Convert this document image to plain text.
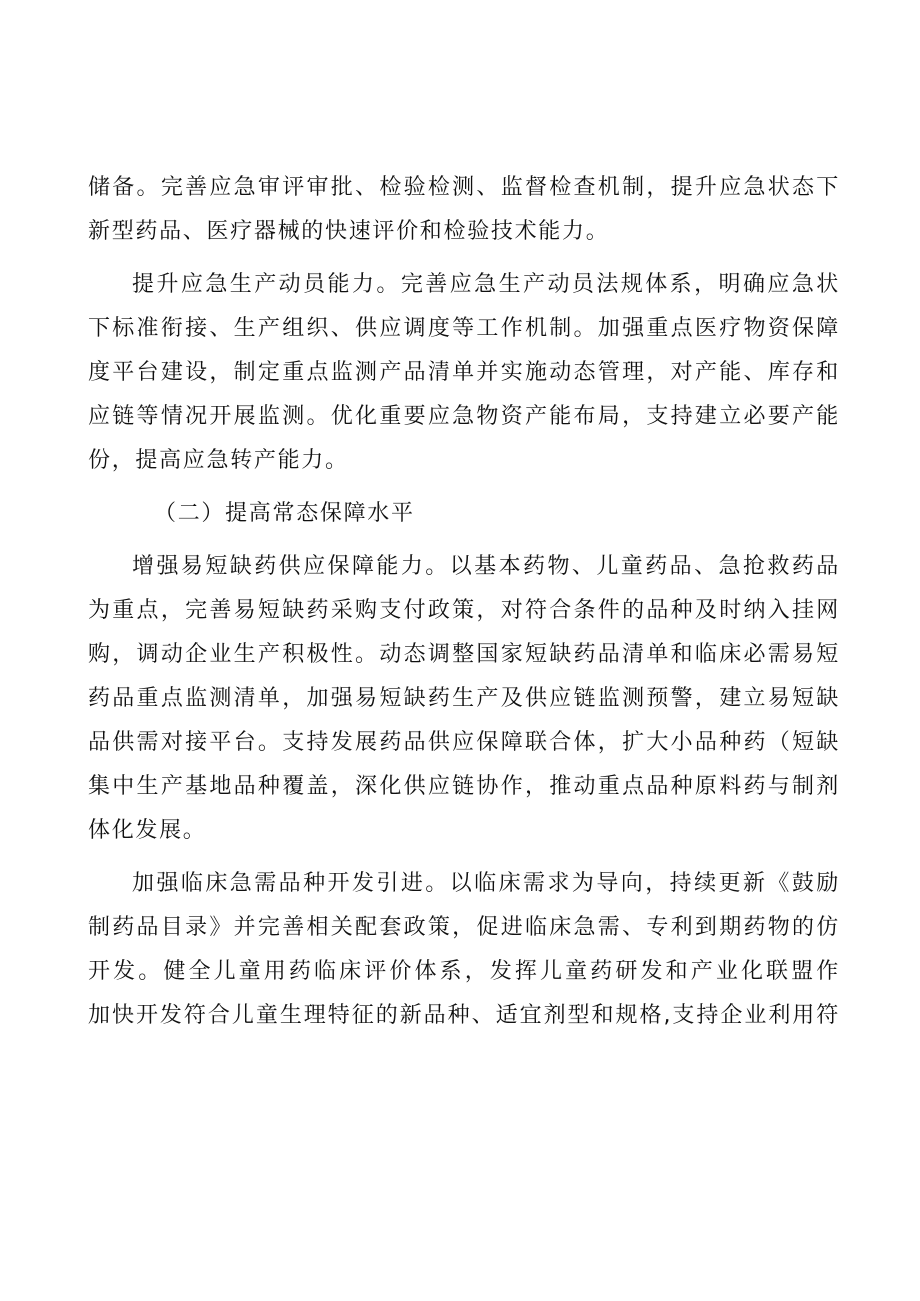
储备。完善应急审评审批、检验检测、监督检查机制，提升应急状态下
新型药品、医疗器械的快速评价和检验技术能力。
提升应急生产动员能力。完善应急生产动员法规体系，明确应急状
下标准衔接、生产组织、供应调度等工作机制。加强重点医疗物资保障
度平台建设，制定重点监测产品清单并实施动态管理，对产能、库存和
应链等情况开展监测。优化重要应急物资产能布局，支持建立必要产能
份，提高应急转产能力。
（二）提高常态保障水平
增强易短缺药供应保障能力。以基本药物、儿童药品、急抢救药品
为重点，完善易短缺药采购支付政策，对符合条件的品种及时纳入挂网
购，调动企业生产积极性。动态调整国家短缺药品清单和临床必需易短
药品重点监测清单，加强易短缺药生产及供应链监测预警，建立易短缺
品供需对接平台。支持发展药品供应保障联合体，扩大小品种药（短缺
集中生产基地品种覆盖，深化供应链协作，推动重点品种原料药与制剂
体化发展。
加强临床急需品种开发引进。以临床需求为导向，持续更新《鼓励
制药品目录》并完善相关配套政策，促进临床急需、专利到期药物的仿
开发。健全儿童用药临床评价体系，发挥儿童药研发和产业化联盟作
加快开发符合儿童生理特征的新品种、适宜剂型和规格,支持企业利用符
